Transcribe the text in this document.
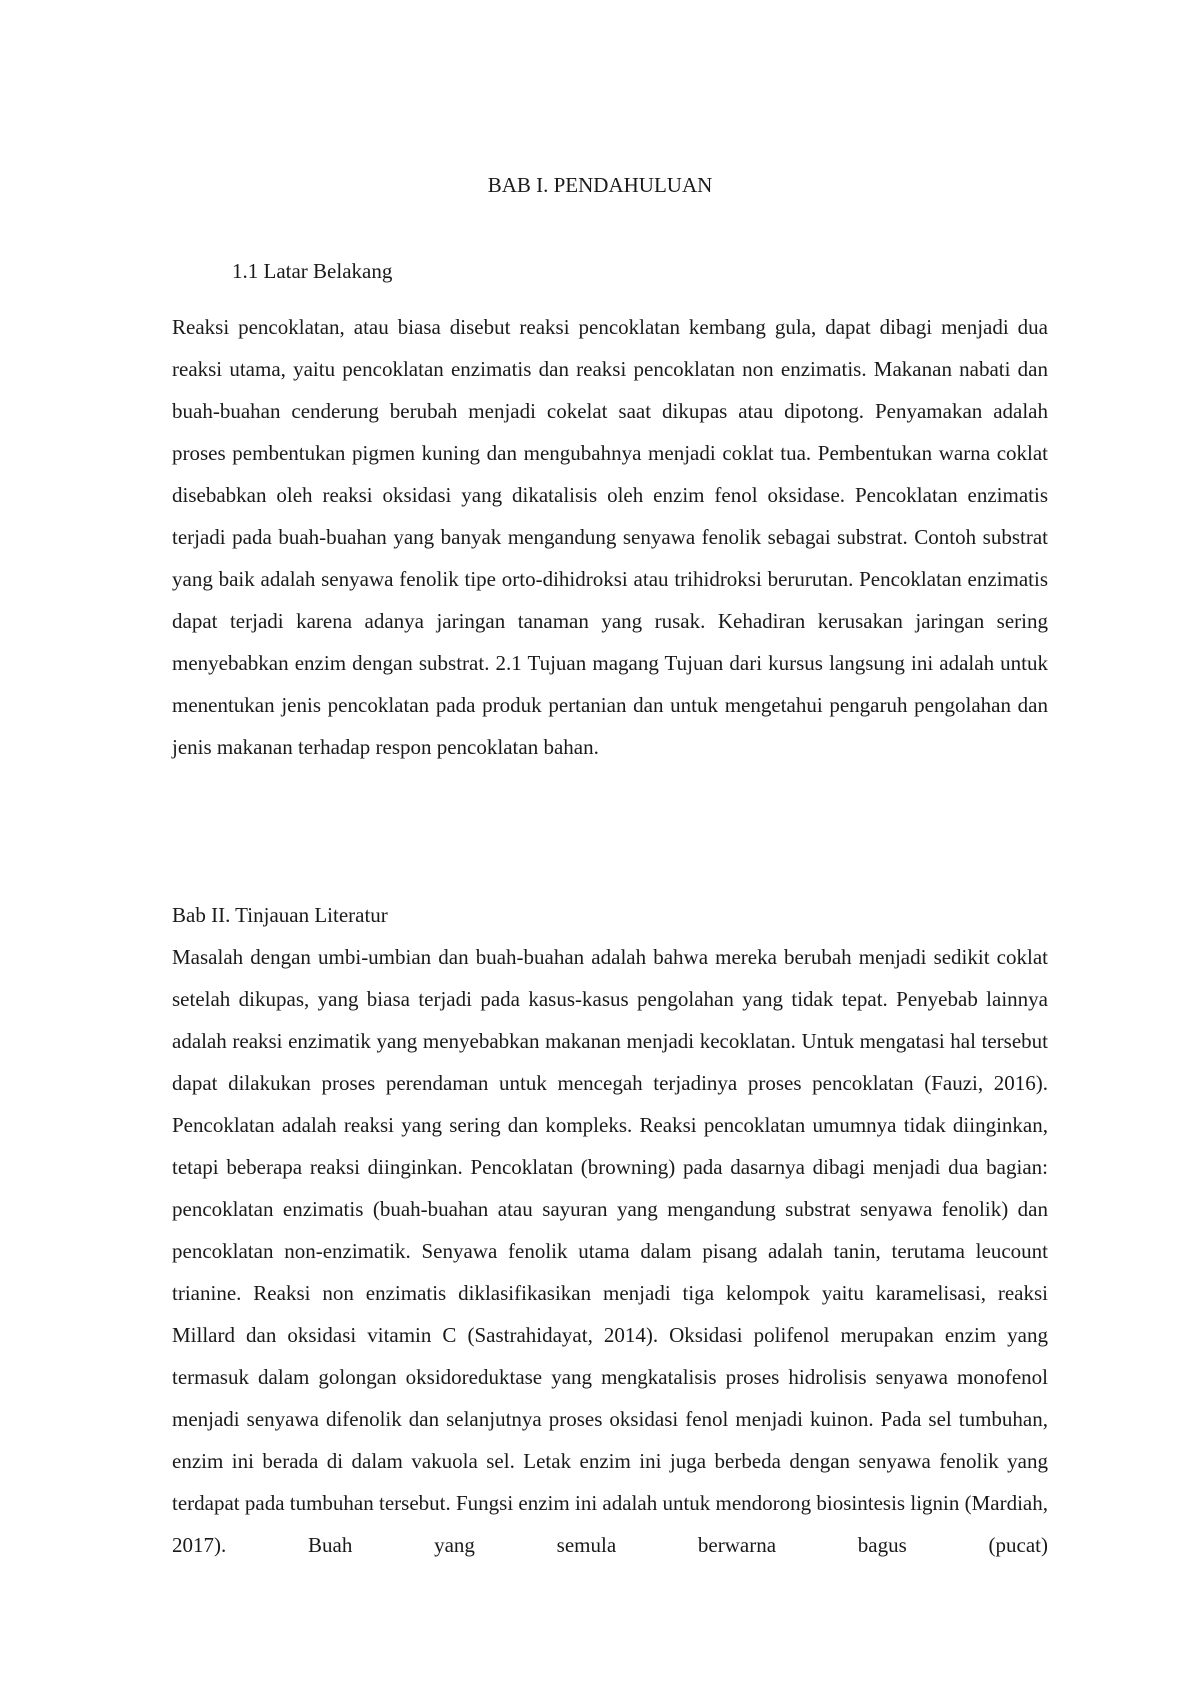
BAB I. PENDAHULUAN
1.1 Latar Belakang

Reaksi pencoklatan, atau biasa disebut reaksi pencoklatan kembang gula, dapat dibagi menjadi dua reaksi utama, yaitu pencoklatan enzimatis dan reaksi pencoklatan non enzimatis. Makanan nabati dan buah-buahan cenderung berubah menjadi cokelat saat dikupas atau dipotong. Penyamakan adalah proses pembentukan pigmen kuning dan mengubahnya menjadi coklat tua. Pembentukan warna coklat disebabkan oleh reaksi oksidasi yang dikatalisis oleh enzim fenol oksidase. Pencoklatan enzimatis terjadi pada buah-buahan yang banyak mengandung senyawa fenolik sebagai substrat. Contoh substrat yang baik adalah senyawa fenolik tipe orto-dihidroksi atau trihidroksi berurutan. Pencoklatan enzimatis dapat terjadi karena adanya jaringan tanaman yang rusak. Kehadiran kerusakan jaringan sering menyebabkan enzim dengan substrat. 2.1 Tujuan magang Tujuan dari kursus langsung ini adalah untuk menentukan jenis pencoklatan pada produk pertanian dan untuk mengetahui pengaruh pengolahan dan jenis makanan terhadap respon pencoklatan bahan.

Bab II. Tinjauan Literatur

Masalah dengan umbi-umbian dan buah-buahan adalah bahwa mereka berubah menjadi sedikit coklat setelah dikupas, yang biasa terjadi pada kasus-kasus pengolahan yang tidak tepat. Penyebab lainnya adalah reaksi enzimatik yang menyebabkan makanan menjadi kecoklatan. Untuk mengatasi hal tersebut dapat dilakukan proses perendaman untuk mencegah terjadinya proses pencoklatan (Fauzi, 2016). Pencoklatan adalah reaksi yang sering dan kompleks. Reaksi pencoklatan umumnya tidak diinginkan, tetapi beberapa reaksi diinginkan. Pencoklatan (browning) pada dasarnya dibagi menjadi dua bagian: pencoklatan enzimatis (buah-buahan atau sayuran yang mengandung substrat senyawa fenolik) dan pencoklatan non-enzimatik. Senyawa fenolik utama dalam pisang adalah tanin, terutama leucount trianine. Reaksi non enzimatis diklasifikasikan menjadi tiga kelompok yaitu karamelisasi, reaksi Millard dan oksidasi vitamin C (Sastrahidayat, 2014). Oksidasi polifenol merupakan enzim yang termasuk dalam golongan oksidoreduktase yang mengkatalisis proses hidrolisis senyawa monofenol menjadi senyawa difenolik dan selanjutnya proses oksidasi fenol menjadi kuinon. Pada sel tumbuhan, enzim ini berada di dalam vakuola sel. Letak enzim ini juga berbeda dengan senyawa fenolik yang terdapat pada tumbuhan tersebut. Fungsi enzim ini adalah untuk mendorong biosintesis lignin (Mardiah, 2017). Buah yang semula berwarna bagus (pucat)
